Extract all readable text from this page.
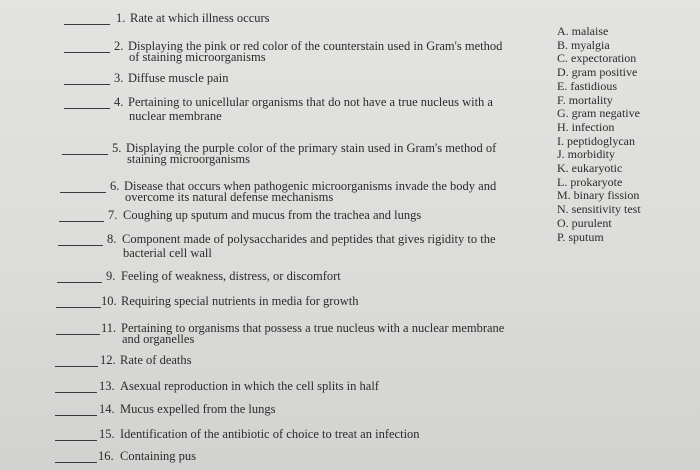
1. Rate at which illness occurs
2. Displaying the pink or red color of the counterstain used in Gram's method
of staining microorganisms
3. Diffuse muscle pain
4. Pertaining to unicellular organisms that do not have a true nucleus with a
nuclear membrane
5. Displaying the purple color of the primary stain used in Gram's method of
staining microorganisms
6. Disease that occurs when pathogenic microorganisms invade the body and
overcome its natural defense mechanisms
7. Coughing up sputum and mucus from the trachea and lungs
8. Component made of polysaccharides and peptides that gives rigidity to the
bacterial cell wall
9. Feeling of weakness, distress, or discomfort
10. Requiring special nutrients in media for growth
11. Pertaining to organisms that possess a true nucleus with a nuclear membrane
and organelles
12. Rate of deaths
13. Asexual reproduction in which the cell splits in half
14. Mucus expelled from the lungs
15. Identification of the antibiotic of choice to treat an infection
16. Containing pus
A. malaise
B. myalgia
C. expectoration
D. gram positive
E. fastidious
F. mortality
G. gram negative
H. infection
I. peptidoglycan
J. morbidity
K. eukaryotic
L. prokaryote
M. binary fission
N. sensitivity test
O. purulent
P. sputum
